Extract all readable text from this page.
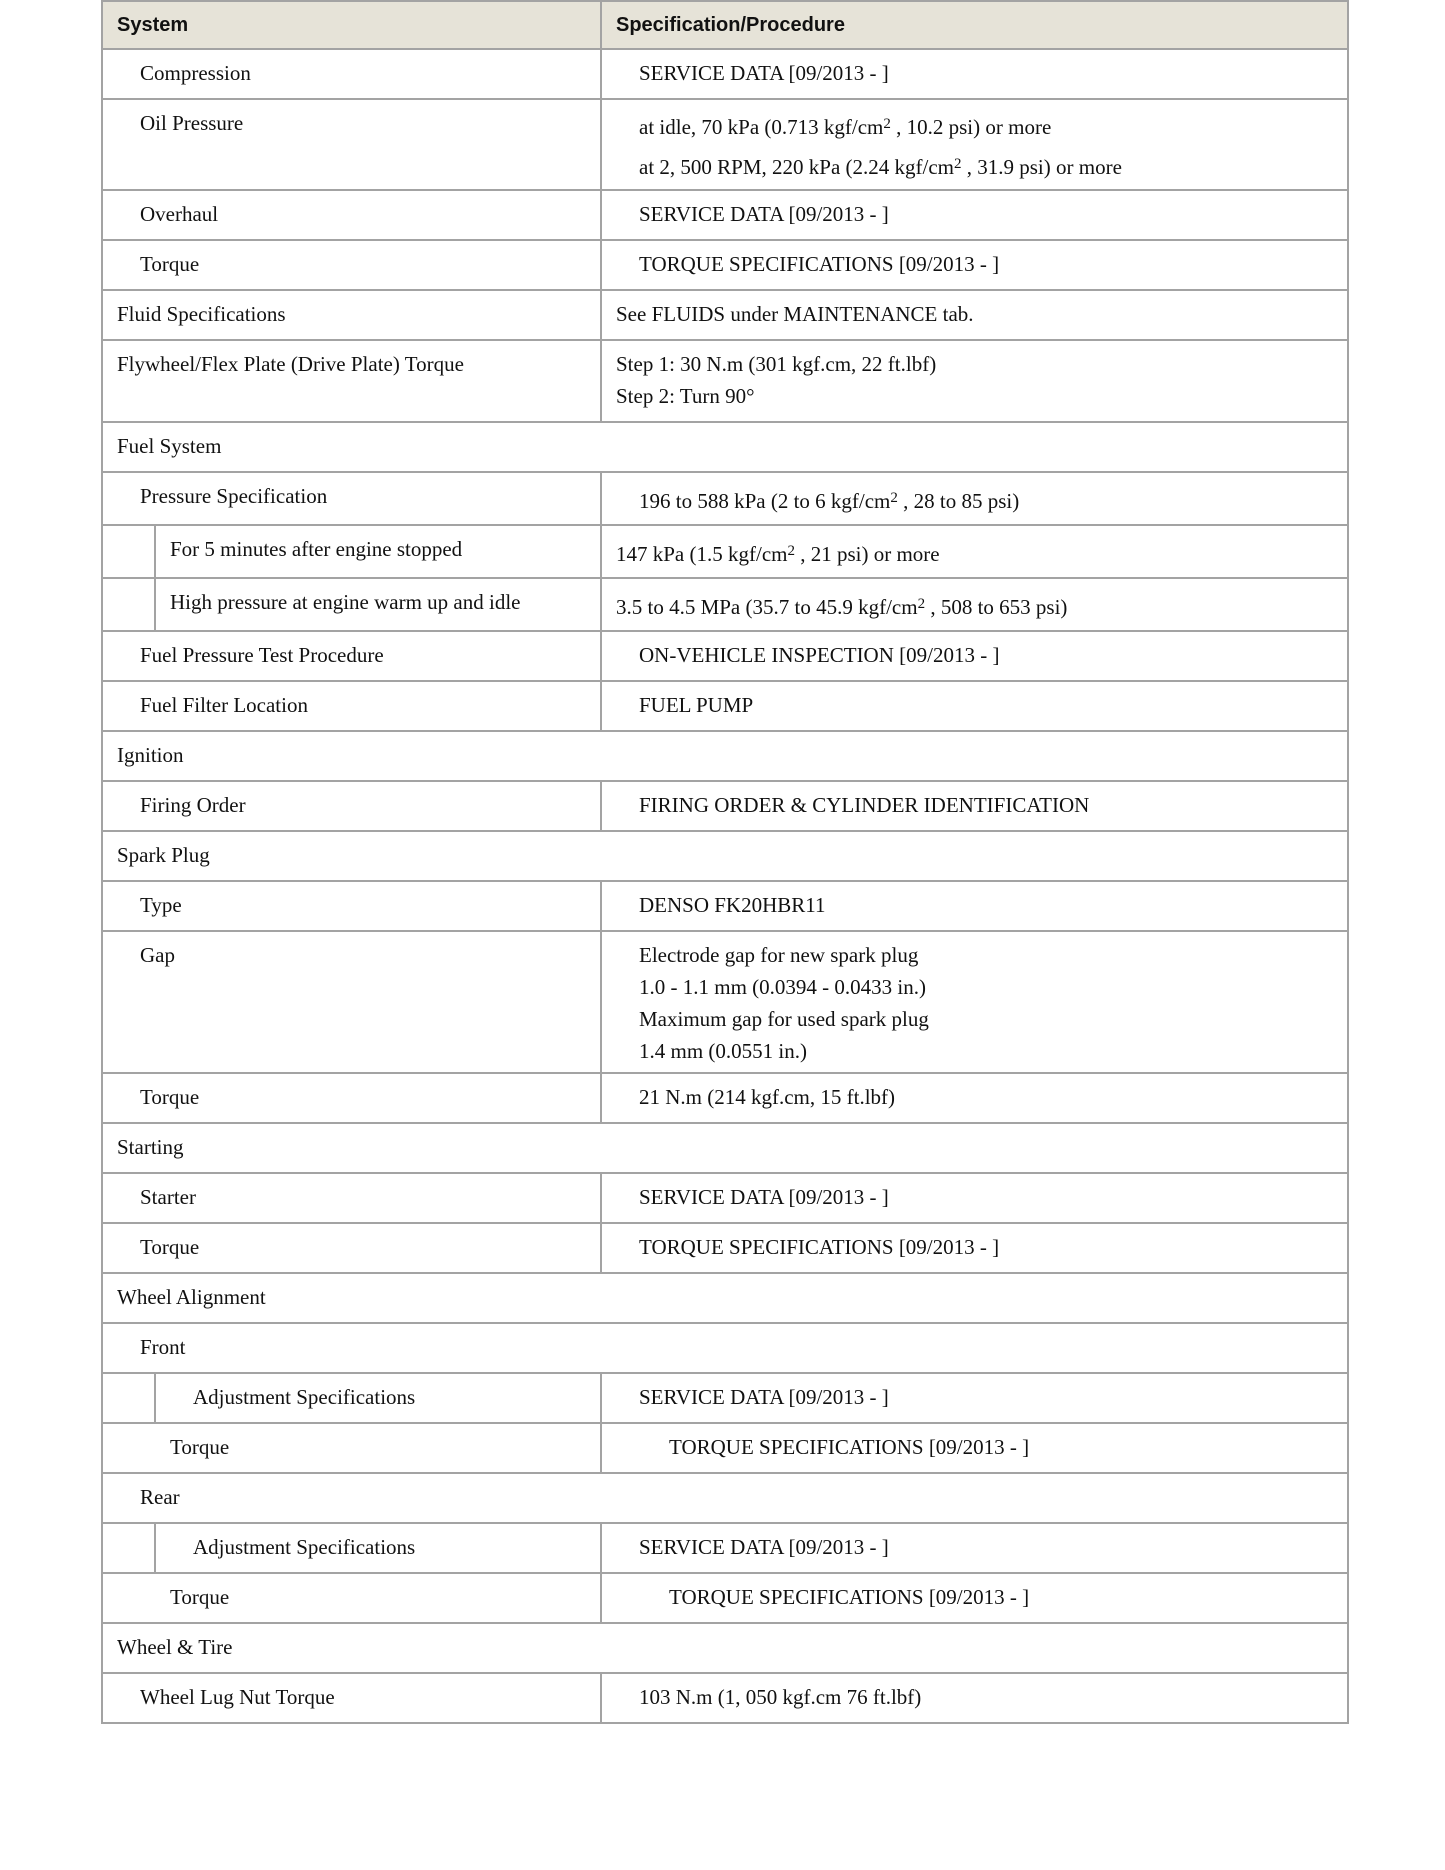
System		Specification/Procedure

Compression		SERVICE DATA [09/2013 - ]

Oil Pressure		at idle, 70 kPa (0.713 kgf/$cm^2$ , 10.2 psi) or more
at 2, 500 RPM, 220 kPa (2.24 kgf/$cm^2$ , 31.9 psi) or more

Overhaul		SERVICE DATA [09/2013 - ]

Torque		TORQUE SPECIFICATIONS [09/2013 - ]

Fluid Specifications		See FLUIDS under MAINTENANCE tab.

Flywheel/Flex Plate (Drive Plate) Torque		Step 1: 30 N.m (301 kgf.cm, 22 ft.lbf)
Step 2: Turn 90°

Fuel System		

Pressure Specification		196 to 588 kPa (2 to 6 kgf/$cm^2$ , 28 to 85 psi)

	For 5 minutes after engine stopped	147 kPa (1.5 kgf/$cm^2$ , 21 psi) or more

	High pressure at engine warm up and idle	3.5 to 4.5 MPa (35.7 to 45.9 kgf/$cm^2$ , 508 to 653 psi)

Fuel Pressure Test Procedure		ON-VEHICLE INSPECTION [09/2013 - ]

Fuel Filter Location		FUEL PUMP

Ignition		

Firing Order		FIRING ORDER & CYLINDER IDENTIFICATION

Spark Plug		

Type		DENSO FK20HBR11

Gap		Electrode gap for new spark plug
1.0 - 1.1 mm (0.0394 - 0.0433 in.)
Maximum gap for used spark plug
1.4 mm (0.0551 in.)

Torque		21 N.m (214 kgf.cm, 15 ft.lbf)

Starting		

Starter		SERVICE DATA [09/2013 - ]

Torque		TORQUE SPECIFICATIONS [09/2013 - ]

Wheel Alignment		

Front		

	Adjustment Specifications	SERVICE DATA [09/2013 - ]

Torque		TORQUE SPECIFICATIONS [09/2013 - ]

Rear		

	Adjustment Specifications	SERVICE DATA [09/2013 - ]

Torque		TORQUE SPECIFICATIONS [09/2013 - ]

Wheel & Tire		

Wheel Lug Nut Torque		103 N.m (1, 050 kgf.cm 76 ft.lbf)
